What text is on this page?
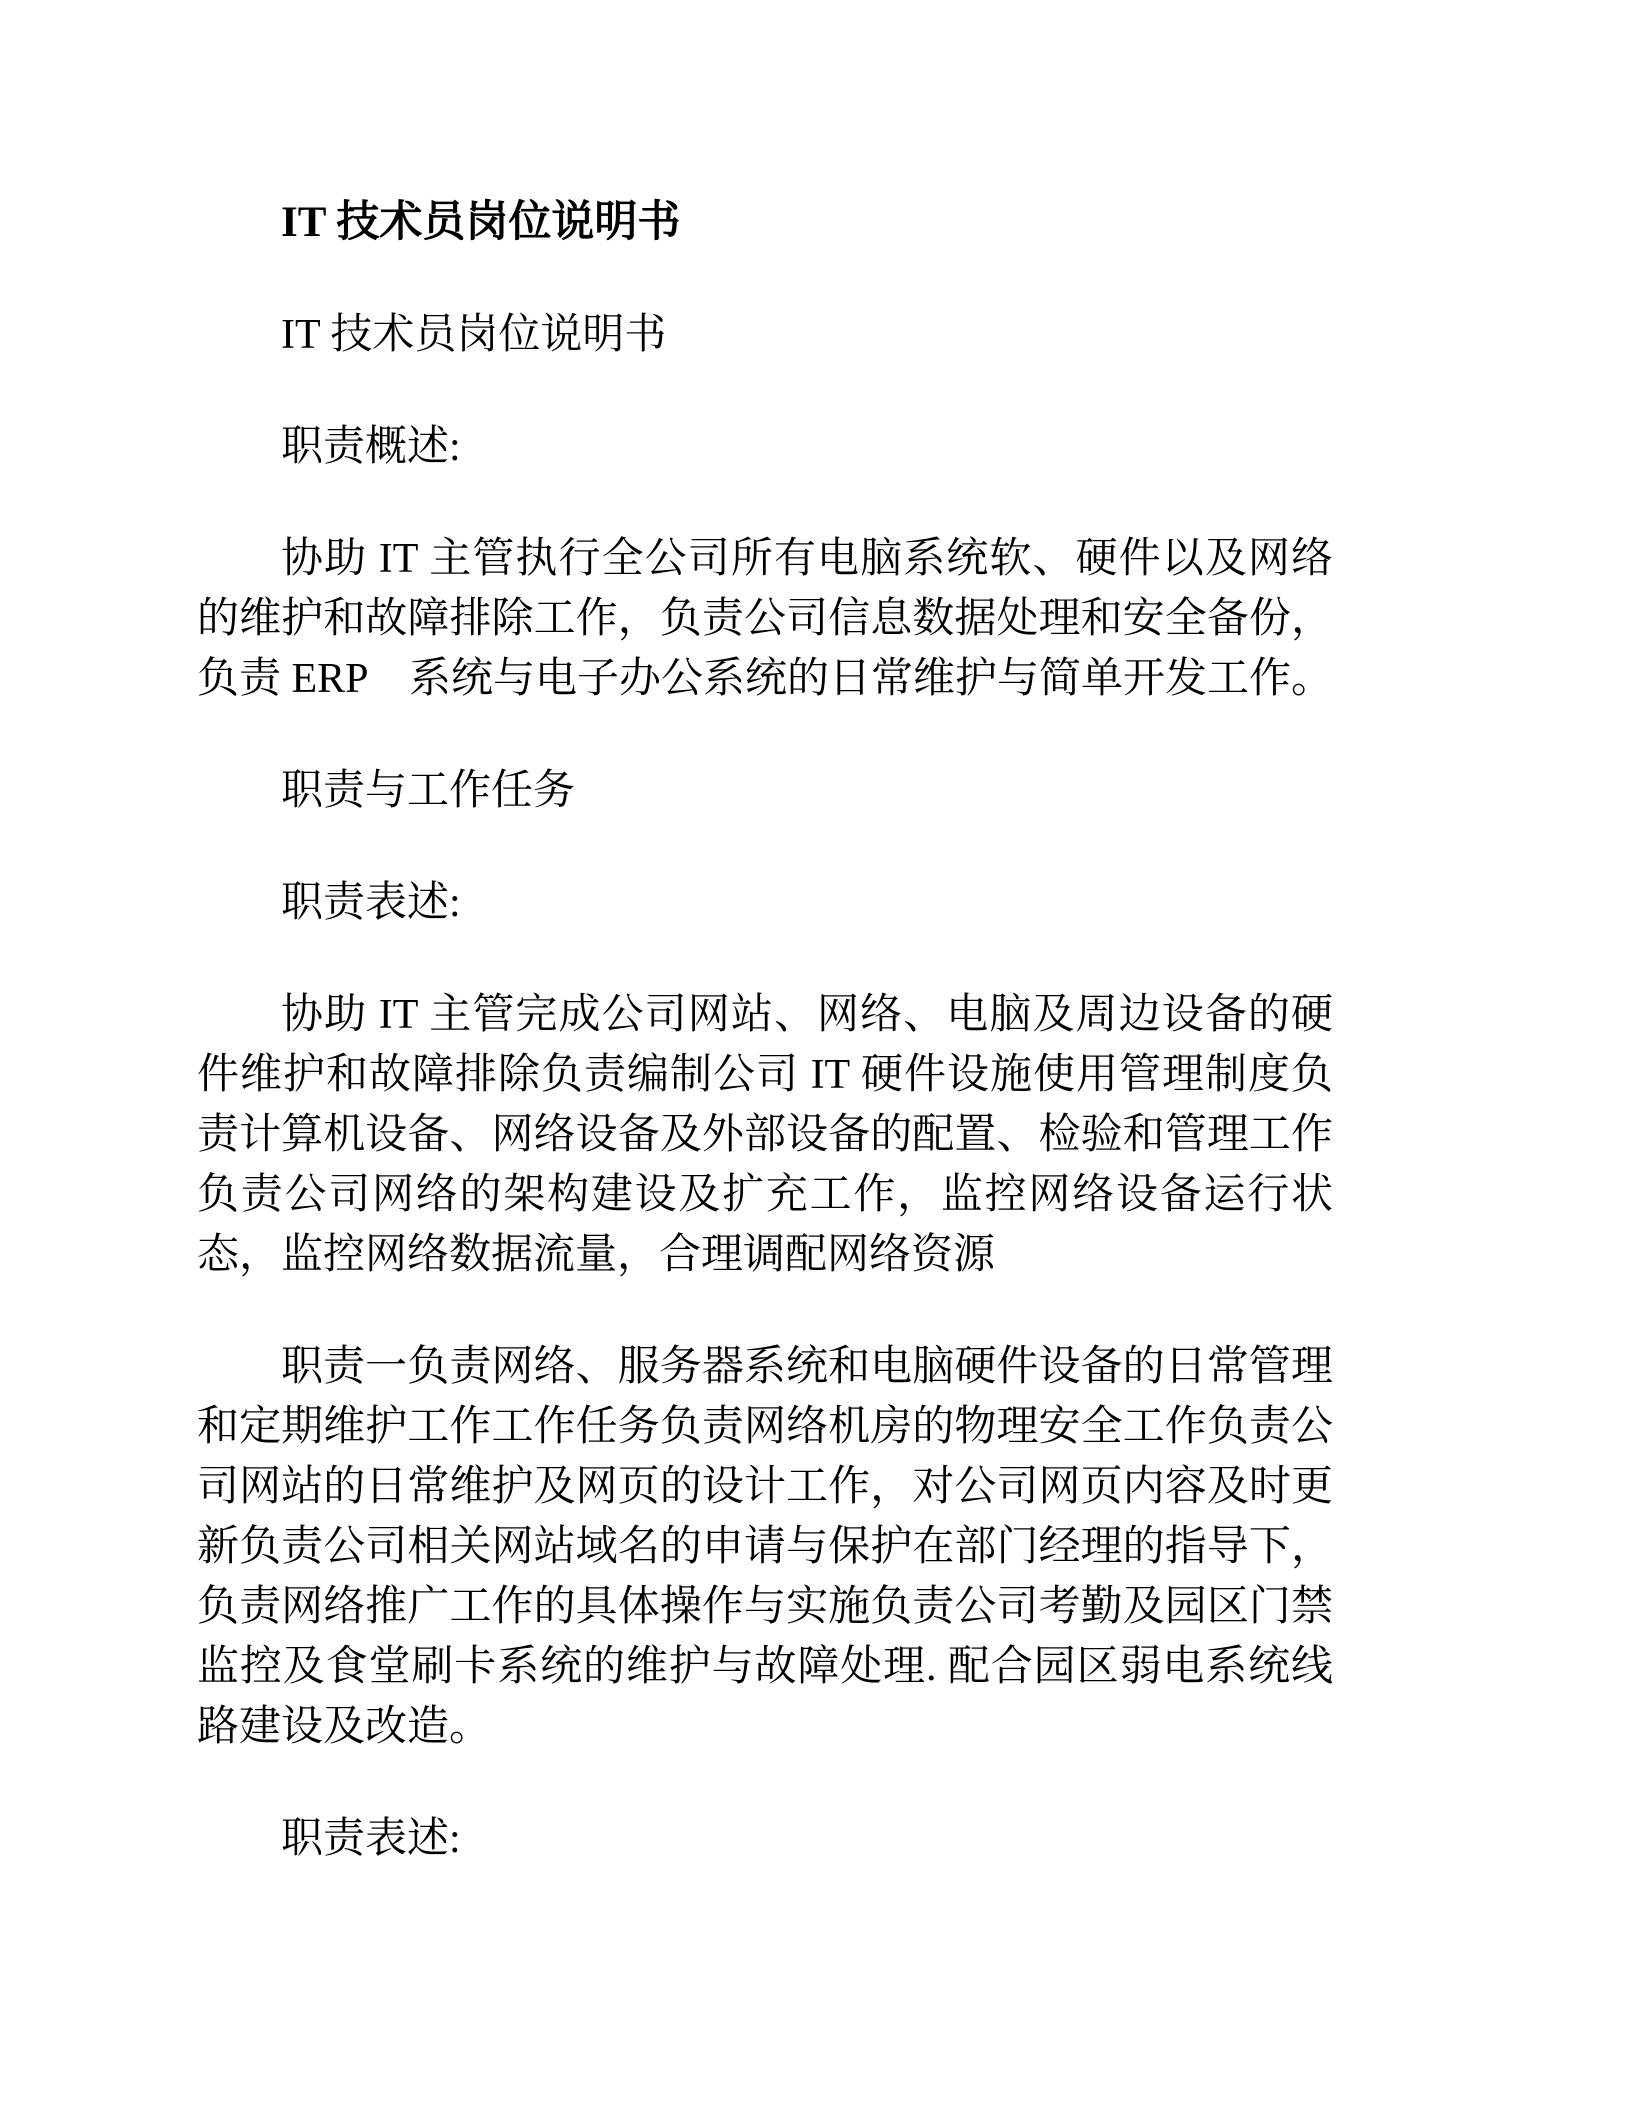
IT 技术员岗位说明书

IT 技术员岗位说明书

职责概述:

协助 IT 主管执行全公司所有电脑系统软、硬件以及网络的维护和故障排除工作，负责公司信息数据处理和安全备份，负责 ERP　系统与电子办公系统的日常维护与简单开发工作。

职责与工作任务

职责表述:

协助 IT 主管完成公司网站、网络、电脑及周边设备的硬件维护和故障排除负责编制公司 IT 硬件设施使用管理制度负责计算机设备、网络设备及外部设备的配置、检验和管理工作负责公司网络的架构建设及扩充工作，监控网络设备运行状态，监控网络数据流量，合理调配网络资源

职责一负责网络、服务器系统和电脑硬件设备的日常管理和定期维护工作工作任务负责网络机房的物理安全工作负责公司网站的日常维护及网页的设计工作，对公司网页内容及时更新负责公司相关网站域名的申请与保护在部门经理的指导下，负责网络推广工作的具体操作与实施负责公司考勤及园区门禁监控及食堂刷卡系统的维护与故障处理. 配合园区弱电系统线路建设及改造。

职责表述:
